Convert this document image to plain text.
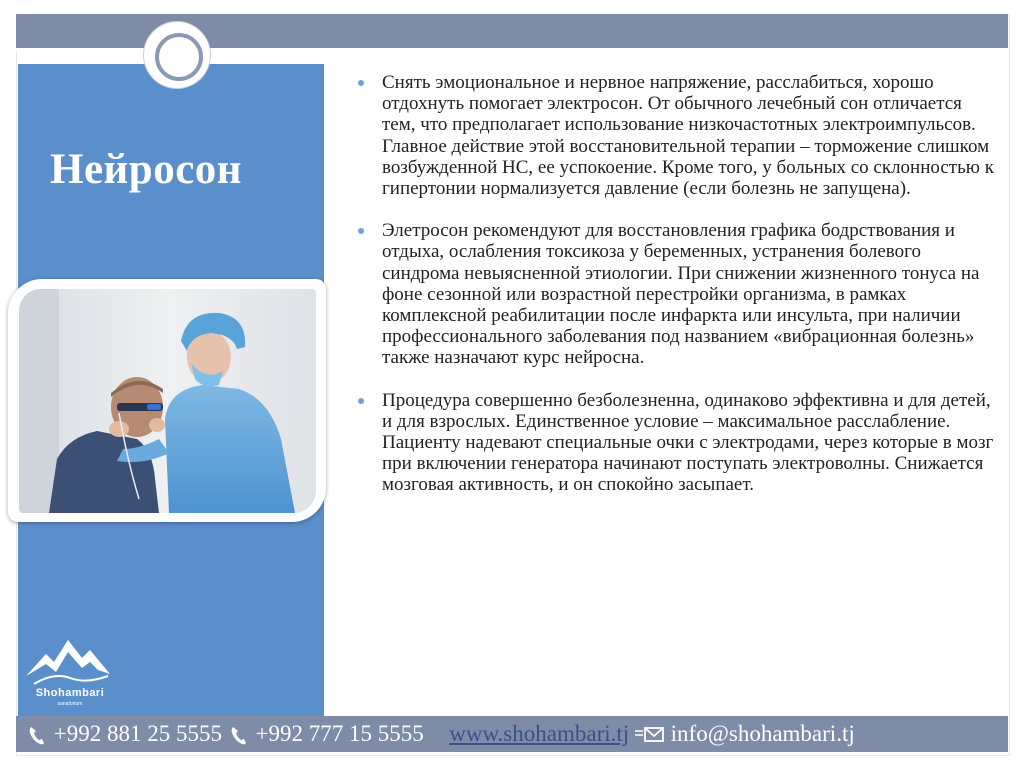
Нейросон
Shohambari
sanatorium
Снять эмоциональное и нервное напряжение, расслабиться, хорошо отдохнуть помогает электросон. От обычного лечебный сон отличается тем, что предполагает использование низкочастотных электроимпульсов. Главное действие этой восстановительной терапии – торможение слишком возбужденной НС, ее успокоение. Кроме того, у больных со склонностью к гипертонии нормализуется давление (если болезнь не запущена).
Элетросон рекомендуют для восстановления графика бодрствования и отдыха, ослабления токсикоза у беременных, устранения болевого синдрома невыясненной этиологии. При снижении жизненного тонуса на фоне сезонной или возрастной перестройки организма, в рамках комплексной реабилитации после инфаркта или инсульта, при наличии профессионального заболевания под названием «вибрационная болезнь» также назначают курс нейросна.
Процедура совершенно безболезненна, одинаково эффективна и для детей, и для взрослых. Единственное условие – максимальное расслабление. Пациенту надевают специальные очки с электродами, через которые в мозг при включении генератора начинают поступать электроволны. Снижается мозговая активность, и он спокойно засыпает.
+992 881 25 5555 +992 777 15 5555 www.shohambari.tj info@shohambari.tj
